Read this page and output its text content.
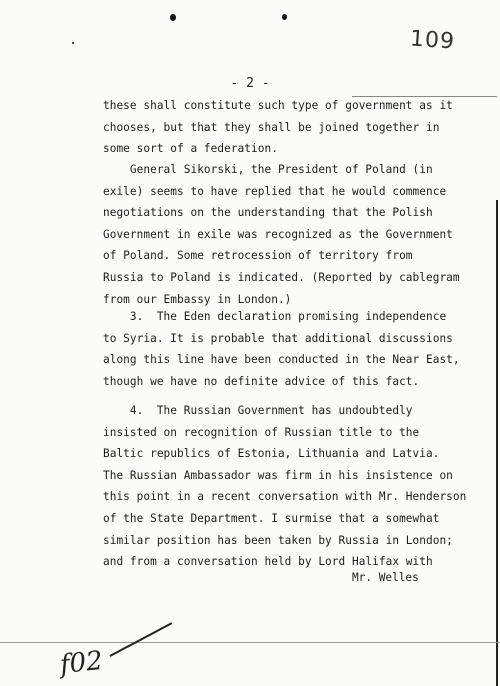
109
- 2 -
these shall constitute such type of government as it
chooses, but that they shall be joined together in
some sort of a federation.
General Sikorski, the President of Poland (in
exile) seems to have replied that he would commence
negotiations on the understanding that the Polish
Government in exile was recognized as the Government
of Poland. Some retrocession of territory from
Russia to Poland is indicated. (Reported by cablegram
from our Embassy in London.)
3.  The Eden declaration promising independence
to Syria. It is probable that additional discussions
along this line have been conducted in the Near East,
though we have no definite advice of this fact.
4.  The Russian Government has undoubtedly
insisted on recognition of Russian title to the
Baltic republics of Estonia, Lithuania and Latvia.
The Russian Ambassador was firm in his insistence on
this point in a recent conversation with Mr. Henderson
of the State Department. I surmise that a somewhat
similar position has been taken by Russia in London;
and from a conversation held by Lord Halifax with
Mr. Welles
f02
